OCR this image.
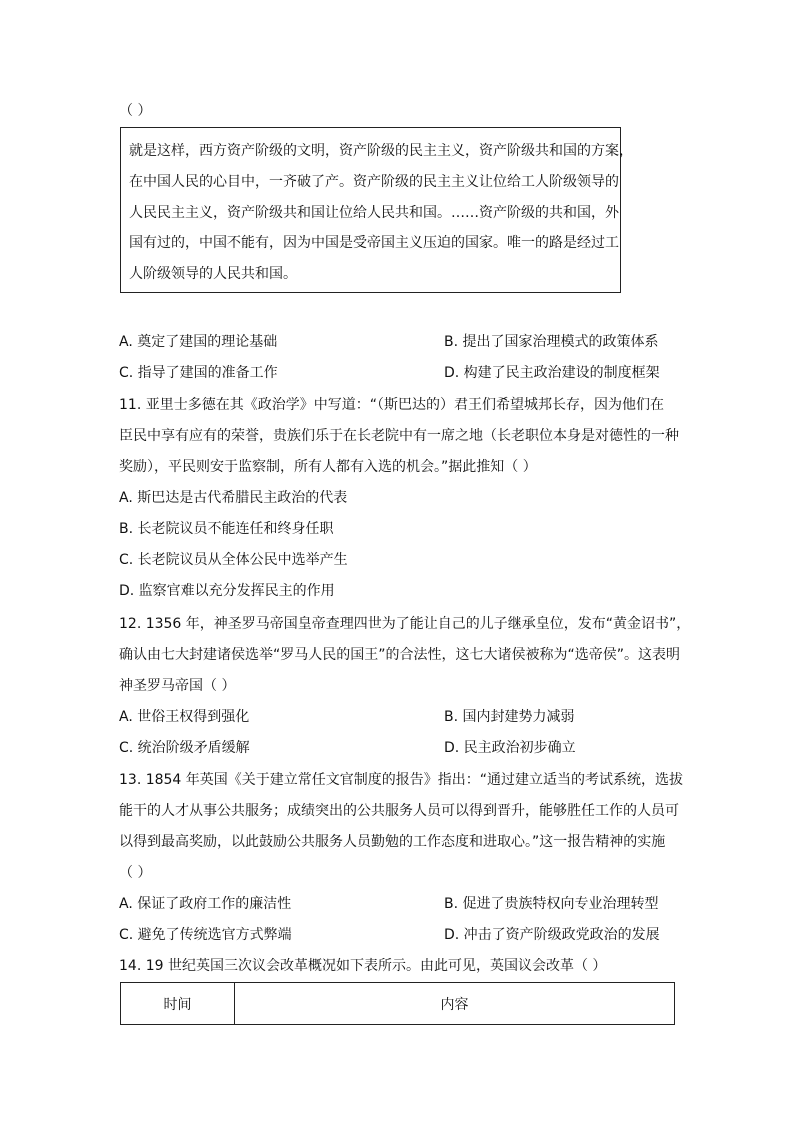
（ ）
就是这样，西方资产阶级的文明，资产阶级的民主主义，资产阶级共和国的方案，
在中国人民的心目中，一齐破了产。资产阶级的民主主义让位给工人阶级领导的
人民民主主义，资产阶级共和国让位给人民共和国。……资产阶级的共和国，外
国有过的，中国不能有，因为中国是受帝国主义压迫的国家。唯一的路是经过工
人阶级领导的人民共和国。
A. 奠定了建国的理论基础	B. 提出了国家治理模式的政策体系
C. 指导了建国的准备工作	D. 构建了民主政治建设的制度框架
11. 亚里士多德在其《政治学》中写道：“（斯巴达的）君王们希望城邦长存，因为他们在
臣民中享有应有的荣誉，贵族们乐于在长老院中有一席之地（长老职位本身是对德性的一种
奖励），平民则安于监察制，所有人都有入选的机会。”据此推知（ ）
A. 斯巴达是古代希腊民主政治的代表
B. 长老院议员不能连任和终身任职
C. 长老院议员从全体公民中选举产生
D. 监察官难以充分发挥民主的作用
12. 1356 年，神圣罗马帝国皇帝查理四世为了能让自己的儿子继承皇位，发布“黄金诏书”，
确认由七大封建诸侯选举“罗马人民的国王”的合法性，这七大诸侯被称为“选帝侯”。这表明
神圣罗马帝国（ ）
A. 世俗王权得到强化	B. 国内封建势力减弱
C. 统治阶级矛盾缓解	D. 民主政治初步确立
13. 1854 年英国《关于建立常任文官制度的报告》指出：“通过建立适当的考试系统，选拔
能干的人才从事公共服务；成绩突出的公共服务人员可以得到晋升，能够胜任工作的人员可
以得到最高奖励，以此鼓励公共服务人员勤勉的工作态度和进取心。”这一报告精神的实施
（ ）
A. 保证了政府工作的廉洁性	B. 促进了贵族特权向专业治理转型
C. 避免了传统选官方式弊端	D. 冲击了资产阶级政党政治的发展
14. 19 世纪英国三次议会改革概况如下表所示。由此可见，英国议会改革（ ）
时间	内容
